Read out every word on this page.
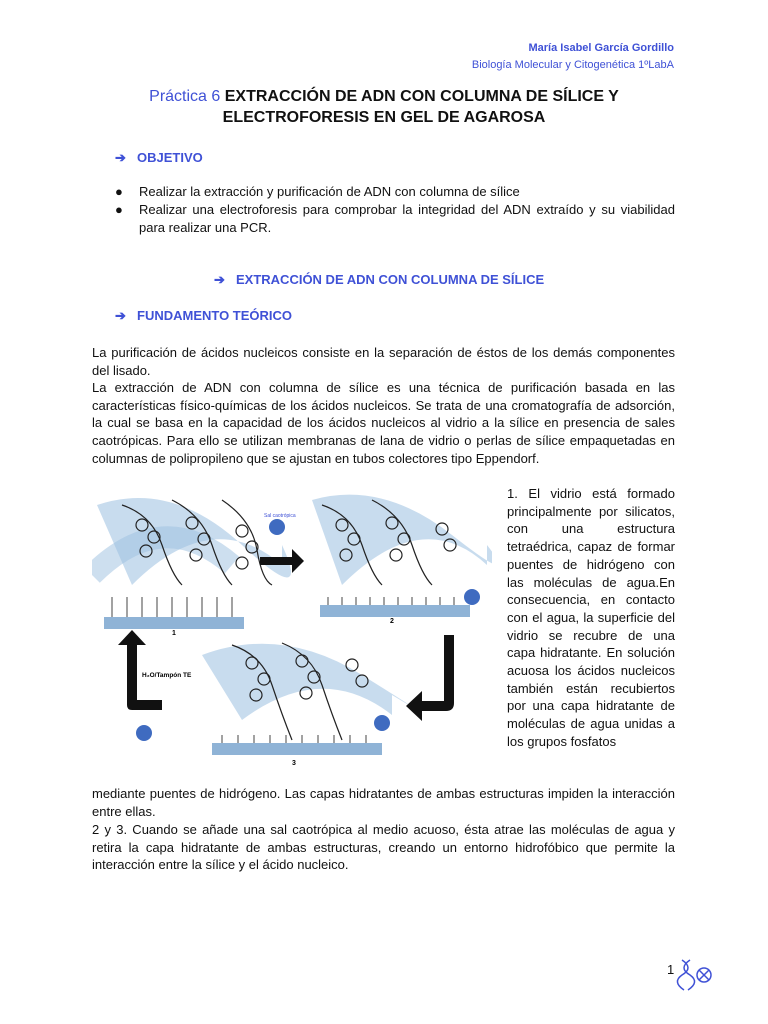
María Isabel García Gordillo
Biología Molecular y Citogenética 1ºLabA
Práctica 6 EXTRACCIÓN DE ADN CON COLUMNA DE SÍLICE Y
ELECTROFORESIS EN GEL DE AGAROSA
➔ OBJETIVO
● Realizar la extracción y purificación de ADN con columna de sílice
● Realizar una electroforesis para comprobar la integridad del ADN extraído y su viabilidad para realizar una PCR.
➔ EXTRACCIÓN DE ADN CON COLUMNA DE SÍLICE
➔ FUNDAMENTO TEÓRICO
La purificación de ácidos nucleicos consiste en la separación de éstos de los demás componentes del lisado.
La extracción de ADN con columna de sílice es una técnica de purificación basada en las características físico-químicas de los ácidos nucleicos. Se trata de una cromatografía de adsorción, la cual se basa en la capacidad de los ácidos nucleicos al vidrio a la sílice en presencia de sales caotrópicas. Para ello se utilizan membranas de lana de vidrio o perlas de sílice empaquetadas en columnas de polipropileno que se ajustan en tubos colectores tipo Eppendorf.
1
Sal caotrópica
2
3
H₂O/Tampón TE
1. El vidrio está formado principalmente por silicatos, con una estructura tetraédrica, capaz de formar puentes de hidrógeno con las moléculas de agua.En consecuencia, en contacto con el agua, la superficie del vidrio se recubre de una capa hidratante. En solución acuosa los ácidos nucleicos también están recubiertos por una capa hidratante de moléculas de agua unidas a los grupos fosfatos
mediante puentes de hidrógeno. Las capas hidratantes de ambas estructuras impiden la interacción entre ellas.
2 y 3. Cuando se añade una sal caotrópica al medio acuoso, ésta atrae las moléculas de agua y retira la capa hidratante de ambas estructuras, creando un entorno hidrofóbico que permite la interacción entre la sílice y el ácido nucleico.
1
